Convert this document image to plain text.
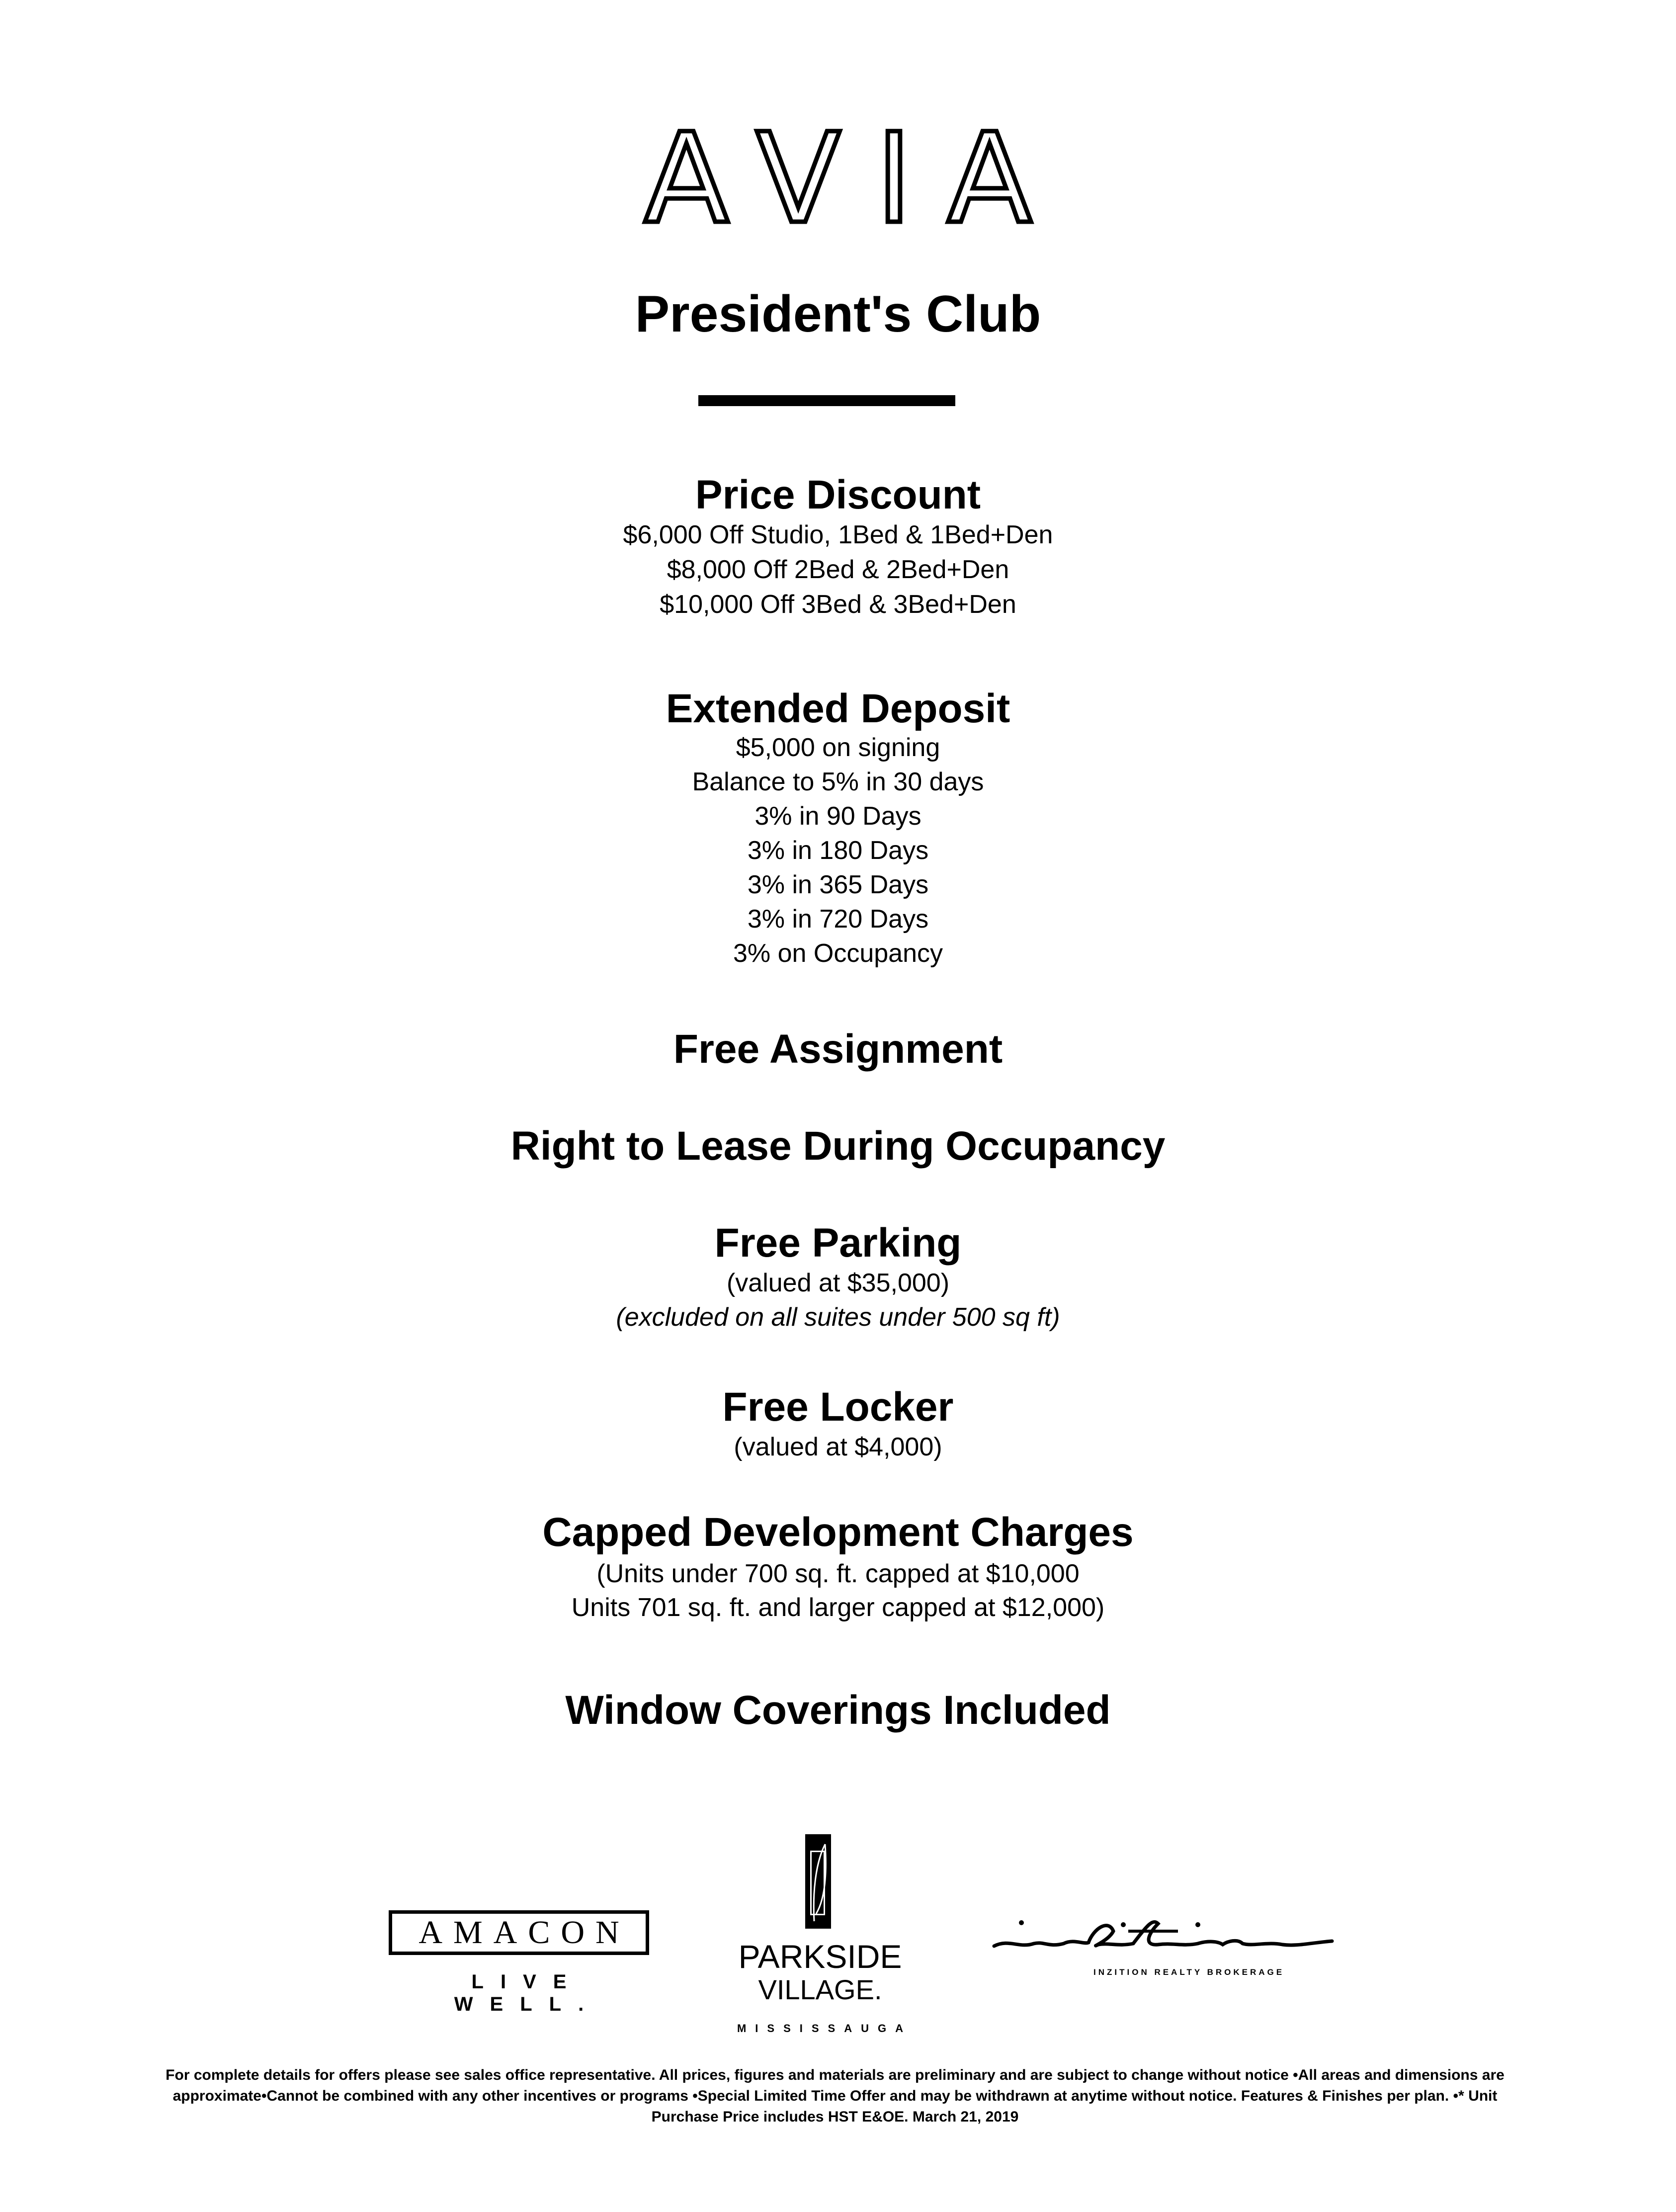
AVIA
President's Club
Price Discount
$6,000 Off Studio, 1Bed & 1Bed+Den
$8,000 Off 2Bed & 2Bed+Den
$10,000 Off 3Bed & 3Bed+Den
Extended Deposit
$5,000 on signing
Balance to 5% in 30 days
3% in 90 Days
3% in 180 Days
3% in 365 Days
3% in 720 Days
3% on Occupancy
Free Assignment
Right to Lease During Occupancy
Free Parking
(valued at $35,000)
(excluded on all suites under 500 sq ft)
Free Locker
(valued at $4,000)
Capped Development Charges
(Units under 700 sq. ft. capped at $10,000
Units 701 sq. ft. and larger capped at $12,000)
Window Coverings Included
AMACON
LIVE WELL.
PARKSIDE
VILLAGE.
MISSISSAUGA
INZITION REALTY BROKERAGE
For complete details for offers please see sales office representative. All prices, figures and materials are preliminary and are subject to change without notice •All areas and dimensions are
approximate•Cannot be combined with any other incentives or programs •Special Limited Time Offer and may be withdrawn at anytime without notice. Features & Finishes per plan. •* Unit
Purchase Price includes HST E&OE. March 21, 2019
